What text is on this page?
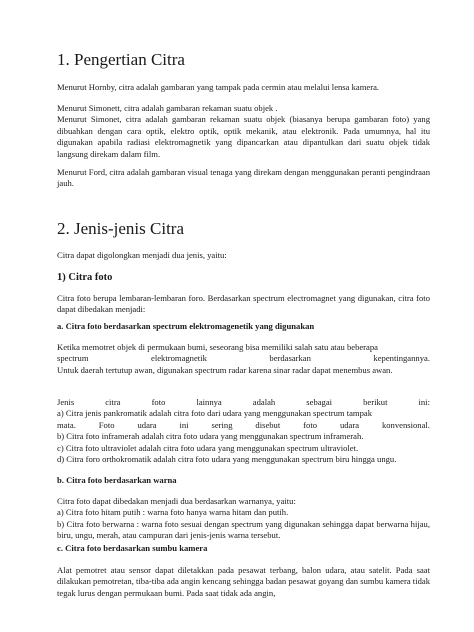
1. Pengertian Citra

Menurut Hornby, citra adalah gambaran yang tampak pada cermin atau melalui lensa kamera.

Menurut Simonett, citra adalah gambaran rekaman suatu objek .

Menurut Simonet, citra adalah gambaran rekaman suatu objek (biasanya berupa gambaran foto) yang dibuahkan dengan cara optik, elektro optik, optik mekanik, atau elektronik. Pada umumnya, hal itu digunakan apabila radiasi elektromagnetik yang dipancarkan atau dipantulkan dari suatu objek tidak langsung direkam dalam film.

Menurut Ford, citra adalah gambaran visual tenaga yang direkam dengan menggunakan peranti pengindraan jauh.

2. Jenis-jenis Citra

Citra dapat digolongkan menjadi dua jenis, yaitu:

1) Citra foto

Citra foto berupa lembaran-lembaran foro. Berdasarkan spectrum electromagnet yang digunakan, citra foto dapat dibedakan menjadi:

a. Citra foto berdasarkan spectrum elektromagenetik yang digunakan

Ketika memotret objek di permukaan bumi, seseorang bisa memiliki salah satu atau beberapa

spectrum	elektromagnetik	berdasarkan	kepentingannya.

Untuk daerah tertutup awan, digunakan spectrum radar karena sinar radar dapat menembus awan.

Jenis	citra	foto	lainnya	adalah	sebagai	berikut	ini:

a) Citra jenis pankromatik adalah citra foto dari udara yang menggunakan spectrum tampak

mata.	Foto	udara	ini	sering	disebut	foto	udara	konvensional.

b) Citra foto inframerah adalah citra foto udara yang menggunakan spectrum inframerah.

c) Citra foto ultraviolet adalah citra foto udara yang menggunakan spectrum ultraviolet.

d) Citra foro orthokromatik adalah citra foto udara yang menggunakan spectrum biru hingga ungu.

b. Citra foto berdasarkan warna

Citra foto dapat dibedakan menjadi dua berdasarkan warnanya, yaitu:

a) Citra foto hitam putih : warna foto hanya warna hitam dan putih.

b) Citra foto berwarna : warna foto sesuai dengan spectrum yang digunakan sehingga dapat berwarna hijau, biru, ungu, merah, atau campuran dari jenis-jenis warna tersebut.

c. Citra foto berdasarkan sumbu kamera

Alat pemotret atau sensor dapat diletakkan pada pesawat terbang, balon udara, atau satelit. Pada saat dilakukan pemotretan, tiba-tiba ada angin kencang sehingga badan pesawat goyang dan sumbu kamera tidak tegak lurus dengan permukaan bumi. Pada saat tidak ada angin,
